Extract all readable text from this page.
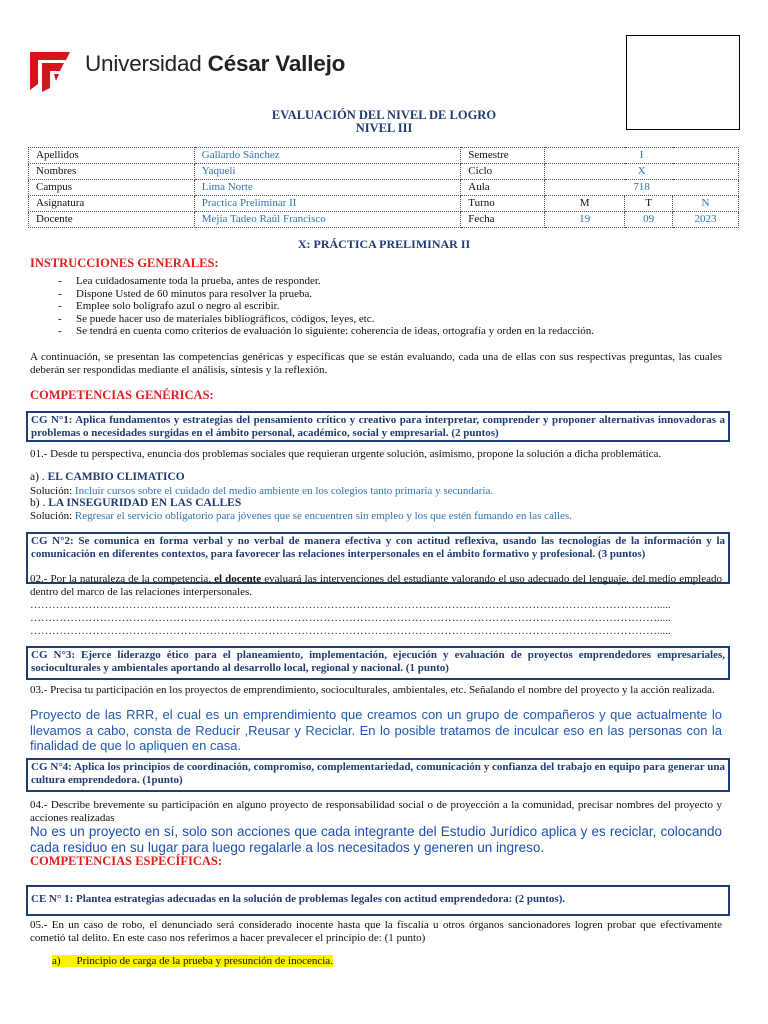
Universidad César Vallejo
EVALUACIÓN DEL NIVEL DE LOGRO
NIVEL III
Apellidos	Gallardo Sánchez	Semestre	I		
Nombres	Yaqueli	Ciclo	X		
Campus	Lima Norte	Aula	718		
Asignatura	Practica Preliminar II	Turno	M	T	N
Docente	Mejía Tadeo Raúl Francisco	Fecha	19	09	2023
X: PRÁCTICA PRELIMINAR II
INSTRUCCIONES GENERALES:
- Lea cuidadosamente toda la prueba, antes de responder.
- Dispone Usted de 60 minutos para resolver la prueba.
- Emplee solo bolígrafo azul o negro al escribir.
- Se puede hacer uso de materiales bibliográficos, códigos, leyes, etc.
- Se tendrá en cuenta como criterios de evaluación lo siguiente: coherencia de ideas, ortografía y orden en la redacción.
A continuación, se presentan las competencias genéricas y específicas que se están evaluando, cada una de ellas con sus respectivas preguntas, las cuales deberán ser respondidas mediante el análisis, síntesis y la reflexión.
COMPETENCIAS GENÉRICAS:
CG N°1: Aplica fundamentos y estrategias del pensamiento crítico y creativo para interpretar, comprender y proponer alternativas innovadoras a problemas o necesidades surgidas en el ámbito personal, académico, social y empresarial. (2 puntos)
01.- Desde tu perspectiva, enuncia dos problemas sociales que requieran urgente solución, asimismo, propone la solución a dicha problemática.
a) . EL CAMBIO CLIMATICO
Solución: Incluir cursos sobre el cuidado del medio ambiente en los colegios tanto primaria y secundaria.
b) . LA INSEGURIDAD EN LAS CALLES
Solución: Regresar el servicio obligatorio para jóvenes que se encuentren sin empleo y los que estén fumando en las calles.
CG N°2: Se comunica en forma verbal y no verbal de manera efectiva y con actitud reflexiva, usando las tecnologías de la información y la comunicación en diferentes contextos, para favorecer las relaciones interpersonales en el ámbito formativo y profesional. (3 puntos)
02.- Por la naturaleza de la competencia, el docente evaluará las intervenciones del estudiante valorando el uso adecuado del lenguaje, del medio empleado dentro del marco de las relaciones interpersonales.
……………………………………………………………………………………………………………………………………………………….....
……………………………………………………………………………………………………………………………………………………….....
……………………………………………………………………………………………………………………………………………………….....
CG N°3: Ejerce liderazgo ético para el planeamiento, implementación, ejecución y evaluación de proyectos emprendedores empresariales, socioculturales y ambientales aportando al desarrollo local, regional y nacional. (1 punto)
03.- Precisa tu participación en los proyectos de emprendimiento, socioculturales, ambientales, etc. Señalando el nombre del proyecto y la acción realizada.
Proyecto de las RRR, el cual es un emprendimiento que creamos con un grupo de compañeros y que actualmente lo llevamos a cabo, consta de Reducir ,Reusar y Reciclar. En lo posible tratamos de inculcar eso en las personas con la finalidad de que lo apliquen en casa.
CG N°4: Aplica los principios de coordinación, compromiso, complementariedad, comunicación y confianza del trabajo en equipo para generar una cultura emprendedora. (1punto)
04.- Describe brevemente su participación en alguno proyecto de responsabilidad social o de proyección a la comunidad, precisar nombres del proyecto y acciones realizadas
No es un proyecto en sí, solo son acciones que cada integrante del Estudio Jurídico aplica y es reciclar, colocando cada residuo en su lugar para luego regalarle a los necesitados y generen un ingreso.
COMPETENCIAS ESPECÍFICAS:
CE N° 1: Plantea estrategias adecuadas en la solución de problemas legales con actitud emprendedora: (2 puntos).
05.- En un caso de robo, el denunciado será considerado inocente hasta que la fiscalía u otros órganos sancionadores logren probar que efectivamente cometió tal delito. En este caso nos referimos a hacer prevalecer el principio de: (1 punto)
a) Principio de carga de la prueba y presunción de inocencia.
